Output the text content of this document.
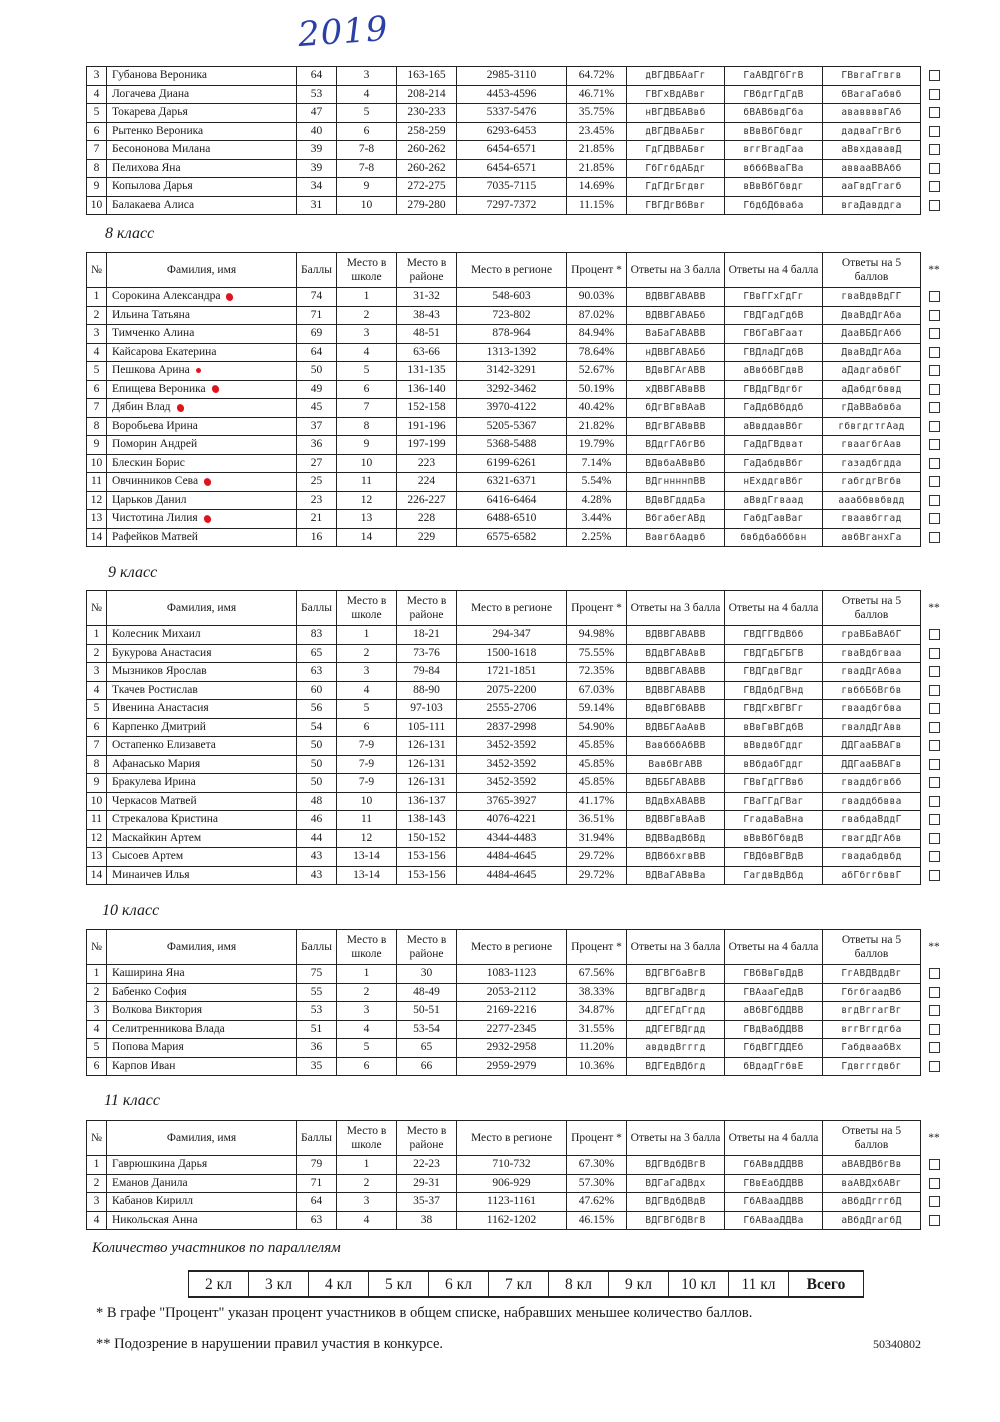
2019
3	Губанова Вероника	64	3	163-165	2985-3110	64.72%	дВГДВБАаГг	ГаАВДГбГгВ	ГВвгаГгвгв	
4	Логачева Диана	53	4	208-214	4453-4596	46.71%	ГВГхВдАВвг	ГВбдгГдГдВ	бВагаГабвб	
5	Токарева Дарья	47	5	230-233	5337-5476	35.75%	нВГДВБАВвб	бВАВбвдГба	ававвввГАб	
6	Рытенко Вероника	40	6	258-259	6293-6453	23.45%	дВГДВвАБвг	вВвВбГбвдг	дадваГгВгб	
7	Бесононова Милана	39	7-8	260-262	6454-6571	21.85%	ГдГДВВАБвг	вггВгадГаа	аВвхдававД	
8	Пелихова Яна	39	7-8	260-262	6454-6571	21.85%	ГбГгбдАБдг	вбббВваГВа	аввааВВАбб	
9	Копылова Дарья	34	9	272-275	7035-7115	14.69%	ГдГДгБгдвг	вВвВбГбвдг	ааГвдГгагб	
10	Балакаева Алиса	31	10	279-280	7297-7372	11.15%	ГВГДгВбВвг	ГбдбДбваба	вгаДавддга	
8 класс
№	Фамилия, имя	Баллы	Место в школе	Место в районе	Место в регионе	Процент *	Ответы на 3 балла	Ответы на 4 балла	Ответы на 5 баллов	**
1	Сорокина Александра	74	1	31-32	548-603	90.03%	ВДВВГАВАВВ	ГВвГГхГдГг	гваВдвВдГГ	
2	Ильина Татьяна	71	2	38-43	723-802	87.02%	ВДВВГАВАБб	ГВДГадГдбВ	ДваВдДгАба	
3	Тимченко Алина	69	3	48-51	878-964	84.94%	ВаБаГАВАВВ	ГВбГаВГаат	ДааВБДгАбб	
4	Кайсарова Екатерина	64	4	63-66	1313-1392	78.64%	нДВВГАВАБб	ГВДлаДГдбВ	ДваВдДгАба	
5	Пешкова Арина	50	5	131-135	3142-3291	52.67%	ВДвВГАгАВВ	аВвббВГдвВ	аДадгабвбГ	
6	Епищева Вероника	49	6	136-140	3292-3462	50.19%	хДВВГАВвВВ	ГВДдГВдгбг	аДабдгбввд	
7	Дябин Влад	45	7	152-158	3970-4122	40.42%	бДгВГвВАаВ	ГаДдбВбддб	гДаВВабвба	
8	Воробьева Ирина	37	8	191-196	5205-5367	21.82%	ВДгВГАВвВВ	аВвддавВбг	гбвгдгтгАад	
9	Поморин Андрей	36	9	197-199	5368-5488	19.79%	ВДдгГАбгВб	ГаДдГВдват	гваагбгАав	
10	Блескин Борис	27	10	223	6199-6261	7.14%	ВДвбаАВвВб	ГаДабдвВбг	газадбгдда	
11	Овчинников Сева	25	11	224	6321-6371	5.54%	ВДгннннпВВ	нЕхддгвВбг	габгдгВгбв	
12	Царьков Данил	23	12	226-227	6416-6464	4.28%	ВДвВГдддБа	аВвдГгваад	аааббввбвдд	
13	Чистотина Лилия	21	13	228	6488-6510	3.44%	ВбгабегАВд	ГабдГавВаг	гваавбггад	
14	Рафейков Матвей	16	14	229	6575-6582	2.25%	ВавгбАадвб	бвбдбабббвн	авбВганхГа	
9 класс
№	Фамилия, имя	Баллы	Место в школе	Место в районе	Место в регионе	Процент *	Ответы на 3 балла	Ответы на 4 балла	Ответы на 5 баллов	**
1	Колесник Михаил	83	1	18-21	294-347	94.98%	ВДВВГАВАВВ	ГВДГГВдВбб	граВБаВАбГ	
2	Букурова Анастасия	65	2	73-76	1500-1618	75.55%	ВДдВГАВАвВ	ГВДГдБГБГВ	гваВдбгваа	
3	Мызников Ярослав	63	3	79-84	1721-1851	72.35%	ВДВВГАВАВВ	ГВДГдвГВдг	гвадДгАбва	
4	Ткачев Ростислав	60	4	88-90	2075-2200	67.03%	ВДВВГАВАВВ	ГВДдбдГВнд	гвббБбВгбв	
5	Ивенина Анастасия	56	5	97-103	2555-2706	59.14%	ВДвВГбВАВВ	ГВДГхВГВГг	гваадбгбва	
6	Карпенко Дмитрий	54	6	105-111	2837-2998	54.90%	ВДВБГАаАвВ	вВвГвВГдбВ	гвалдДгАвв	
7	Остапенко Елизавета	50	7-9	126-131	3452-3592	45.85%	ВавбббАбВВ	вВвдвбГддг	ДДГааБВАГв	
8	Афанасько Мария	50	7-9	126-131	3452-3592	45.85%	ВавбВгАВВ	вВбдабГддг	ДДГааБВАГв	
9	Бракулева Ирина	50	7-9	126-131	3452-3592	45.85%	ВДББГАВАВВ	ГВвГдГГВвб	гваддбгвбб	
10	Черкасов Матвей	48	10	136-137	3765-3927	41.17%	ВДдВхАВАВВ	ГВаГГдГВаг	гваддббвва	
11	Стрекалова Кристина	46	11	138-143	4076-4221	36.51%	ВДВВГвВАаВ	ГгадаВаВна	гвабдаВддГ	
12	Маскайкин Артем	44	12	150-152	4344-4483	31.94%	ВДВВадВбВд	вВвВбГбвдВ	гвагдДгАбв	
13	Сысоев Артем	43	13-14	153-156	4484-4645	29.72%	ВДВббхгвВВ	ГВДбвВГВдВ	гвадабдвбд	
14	Минаичев Илья	43	13-14	153-156	4484-4645	29.72%	ВДВаГАВвВа	ГагдвВдВбд	абГбггбввГ	
10 класс
№	Фамилия, имя	Баллы	Место в школе	Место в районе	Место в регионе	Процент *	Ответы на 3 балла	Ответы на 4 балла	Ответы на 5 баллов	**
1	Каширина Яна	75	1	30	1083-1123	67.56%	ВДГВГбаВгВ	ГВбВвГвДдВ	ГгАВДВддВг	
2	Бабенко София	55	2	48-49	2053-2112	38.33%	ВДГВГаДВгд	ГВАааГеДдВ	ГбгбгаадВб	
3	Волкова Виктория	53	3	50-51	2169-2216	34.87%	дДГЕГдГгдд	аВбВГбДДВВ	вгдВггагВг	
4	Селитренникова Влада	51	4	53-54	2277-2345	31.55%	дДГЕГВДгдд	ГВдВабДДВВ	вггВггдгба	
5	Попова Мария	36	5	65	2932-2958	11.20%	авдвдВгггд	ГбдВГГДДЕб	ГабдваабВх	
6	Карпов Иван	35	6	66	2959-2979	10.36%	ВДГЕдВДбгд	бВдадГгбвЕ	Гдвгггдвбг	
11 класс
№	Фамилия, имя	Баллы	Место в школе	Место в районе	Место в регионе	Процент *	Ответы на 3 балла	Ответы на 4 балла	Ответы на 5 баллов	**
1	Гаврюшкина Дарья	79	1	22-23	710-732	67.30%	ВДГВдбДВгВ	ГбАВвдДДВВ	аВАВДВбгВв	
2	Еманов Данила	71	2	29-31	906-929	57.30%	ВДГаГаДВдх	ГВвЕабДДВВ	ваАВДхбАВг	
3	Кабанов Кирилл	64	3	35-37	1123-1161	47.62%	ВДГВдбДВдВ	ГбАВааДДВВ	аВбдДгггбД	
4	Никольская Анна	63	4	38	1162-1202	46.15%	ВДГВГбДВгВ	ГбАВааДДВа	аВбдДгагбД	
Количество участников по параллелям
2 кл	3 кл	4 кл	5 кл	6 кл	7 кл	8 кл	9 кл	10 кл	11 кл	Всего
* В графе "Процент" указан процент участников в общем списке, набравших меньшее количество баллов.
** Подозрение в нарушении правил участия в конкурсе.	50340802
